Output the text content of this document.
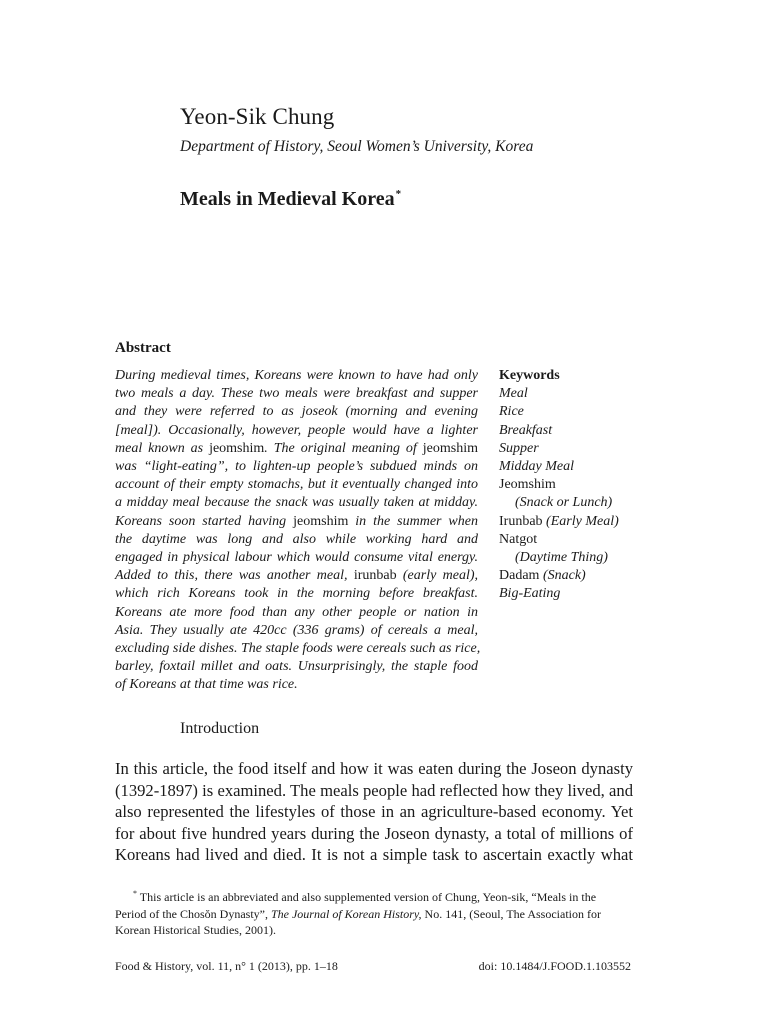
Yeon-Sik Chung
Department of History, Seoul Women’s University, Korea
Meals in Medieval Korea*
Abstract
During medieval times, Koreans were known to have had only
two meals a day. These two meals were breakfast and supper
and they were referred to as joseok (morning and evening
[meal]). Occasionally, however, people would have a lighter
meal known as jeomshim. The original meaning of jeomshim
was “light-eating”, to lighten-up people’s subdued minds on
account of their empty stomachs, but it eventually changed into
a midday meal because the snack was usually taken at midday.
Koreans soon started having jeomshim in the summer when
the daytime was long and also while working hard and
engaged in physical labour which would consume vital energy.
Added to this, there was another meal, irunbab (early meal),
which rich Koreans took in the morning before breakfast.
Koreans ate more food than any other people or nation in
Asia. They usually ate 420cc (336 grams) of cereals a meal,
excluding side dishes. The staple foods were cereals such as rice,
barley, foxtail millet and oats. Unsurprisingly, the staple food
of Koreans at that time was rice.
Keywords
Meal
Rice
Breakfast
Supper
Midday Meal
Jeomshim
(Snack or Lunch)
Irunbab (Early Meal)
Natgot
(Daytime Thing)
Dadam (Snack)
Big-Eating
Introduction
In this article, the food itself and how it was eaten during the Joseon dynasty
(1392-1897) is examined. The meals people had reflected how they lived, and
also represented the lifestyles of those in an agriculture-based economy. Yet
for about five hundred years during the Joseon dynasty, a total of millions of
Koreans had lived and died. It is not a simple task to ascertain exactly what
* This article is an abbreviated and also supplemented version of Chung, Yeon-sik, “Meals in the
Period of the Chosŏn Dynasty”, The Journal of Korean History, No. 141, (Seoul, The Association for
Korean Historical Studies, 2001).
Food & History, vol. 11, n° 1 (2013), pp. 1–18	doi: 10.1484/J.FOOD.1.103552
